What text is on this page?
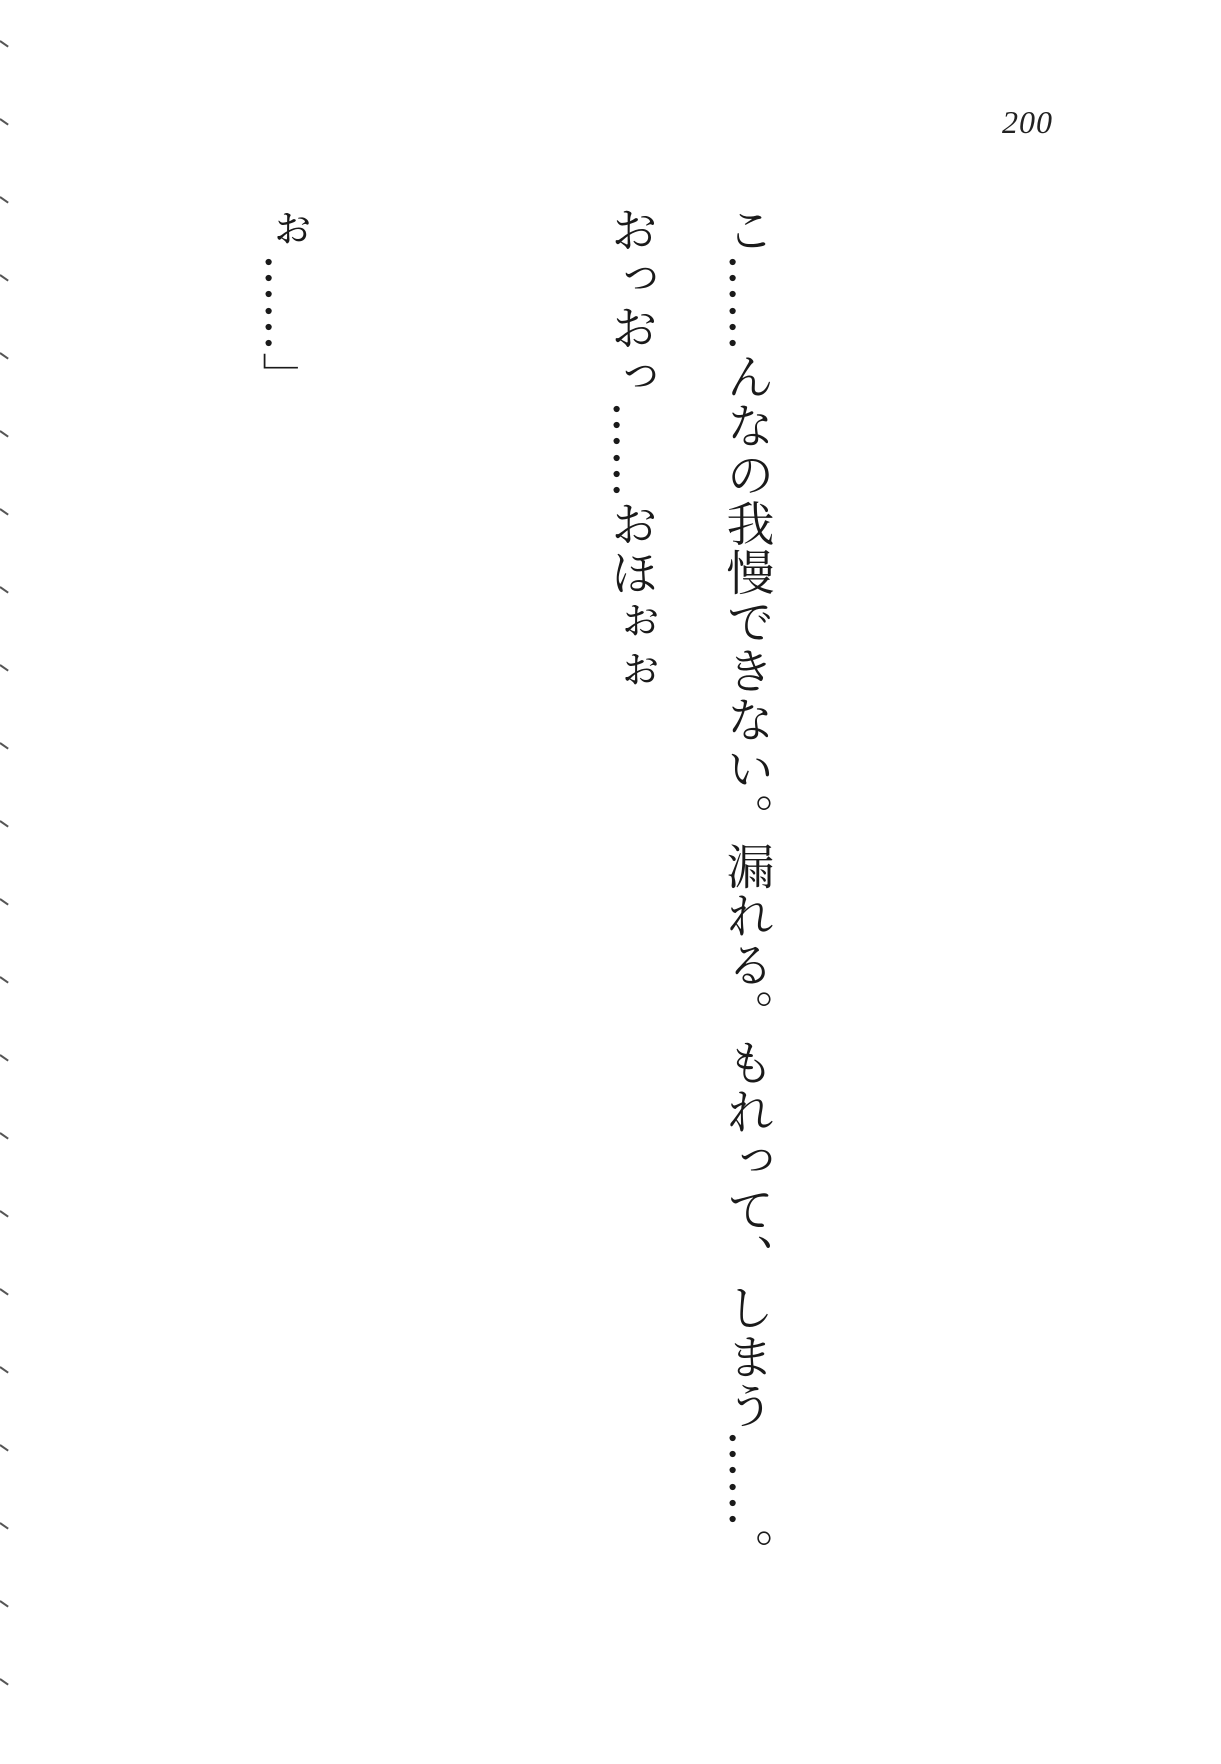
200

こ……んなの我慢できない。漏れる。もれって、しまう……。おっおっ……おほぉぉ

ぉ……」
